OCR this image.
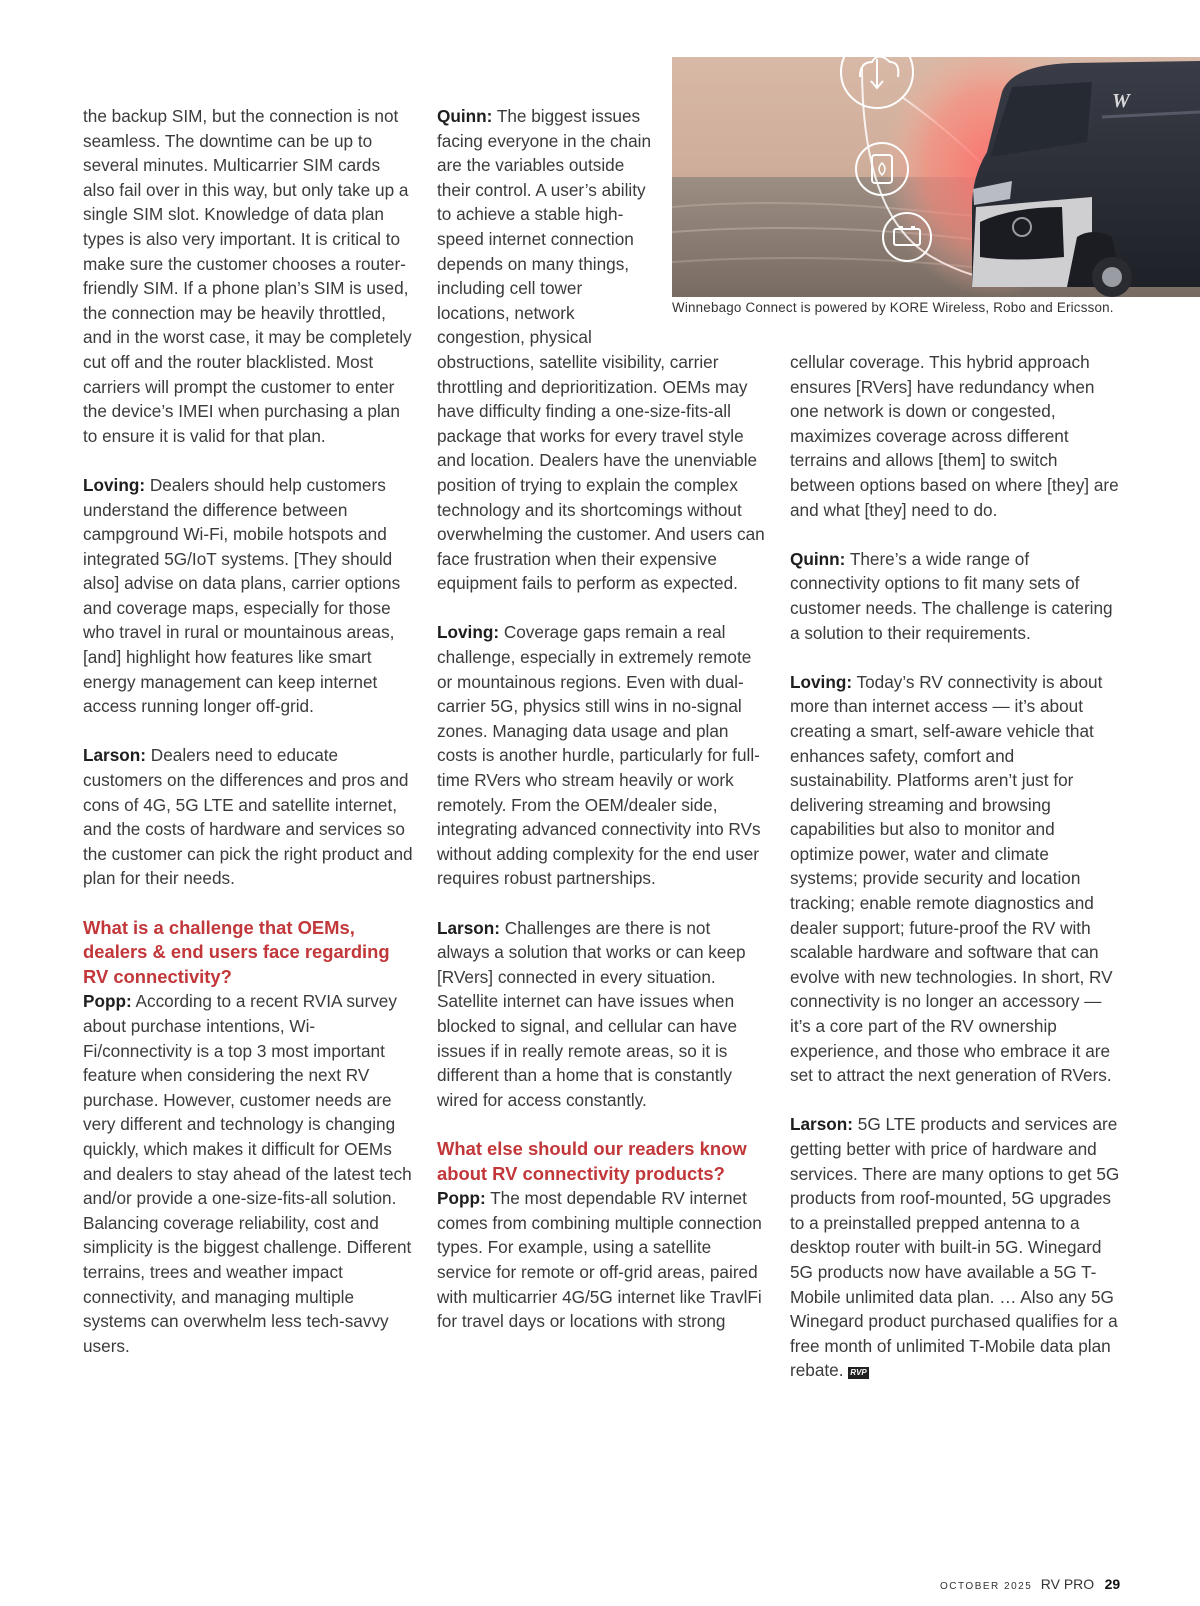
W
Winnebago Connect is powered by KORE Wireless, Robo and Ericsson.

the backup SIM, but the connection is not seamless. The downtime can be up to several minutes. Multicarrier SIM cards also fail over in this way, but only take up a single SIM slot. Knowledge of data plan types is also very important. It is critical to make sure the customer chooses a router-friendly SIM. If a phone plan’s SIM is used, the connection may be heavily throttled, and in the worst case, it may be completely cut off and the router blacklisted. Most carriers will prompt the customer to enter the device’s IMEI when purchasing a plan to ensure it is valid for that plan.

Loving: Dealers should help customers understand the difference between campground Wi-Fi, mobile hotspots and integrated 5G/IoT systems. [They should also] advise on data plans, carrier options and coverage maps, especially for those who travel in rural or mountainous areas, [and] highlight how features like smart energy management can keep internet access running longer off-grid.

Larson: Dealers need to educate customers on the differences and pros and cons of 4G, 5G LTE and satellite internet, and the costs of hardware and services so the customer can pick the right product and plan for their needs.

What is a challenge that OEMs, dealers & end users face regarding RV connectivity?

Popp: According to a recent RVIA survey about purchase intentions, Wi-Fi/connectivity is a top 3 most important feature when considering the next RV purchase. However, customer needs are very different and technology is changing quickly, which makes it difficult for OEMs and dealers to stay ahead of the latest tech and/or provide a one-size-fits-all solution. Balancing coverage reliability, cost and simplicity is the biggest challenge. Different terrains, trees and weather impact connectivity, and managing multiple systems can overwhelm less tech-savvy users.

Quinn: The biggest issues facing everyone in the chain are the variables outside their control. A user’s ability to achieve a stable high-speed internet connection depends on many things, including cell tower locations, network congestion, physical
obstructions, satellite visibility, carrier throttling and deprioritization. OEMs may have difficulty finding a one-size-fits-all package that works for every travel style and location. Dealers have the unenviable position of trying to explain the complex technology and its shortcomings without overwhelming the customer. And users can face frustration when their expensive equipment fails to perform as expected.

Loving: Coverage gaps remain a real challenge, especially in extremely remote or mountainous regions. Even with dual-carrier 5G, physics still wins in no-signal zones. Managing data usage and plan costs is another hurdle, particularly for full-time RVers who stream heavily or work remotely. From the OEM/dealer side, integrating advanced connectivity into RVs without adding complexity for the end user requires robust partnerships.

Larson: Challenges are there is not always a solution that works or can keep [RVers] connected in every situation. Satellite internet can have issues when blocked to signal, and cellular can have issues if in really remote areas, so it is different than a home that is constantly wired for access constantly.

What else should our readers know about RV connectivity products?

Popp: The most dependable RV internet comes from combining multiple connection types. For example, using a satellite service for remote or off-grid areas, paired with multicarrier 4G/5G internet like TravlFi for travel days or locations with strong

cellular coverage. This hybrid approach ensures [RVers] have redundancy when one network is down or congested, maximizes coverage across different terrains and allows [them] to switch between options based on where [they] are and what [they] need to do.

Quinn: There’s a wide range of connectivity options to fit many sets of customer needs. The challenge is catering a solution to their requirements.

Loving: Today’s RV connectivity is about more than internet access — it’s about creating a smart, self-aware vehicle that enhances safety, comfort and sustainability. Platforms aren’t just for delivering streaming and browsing capabilities but also to monitor and optimize power, water and climate systems; provide security and location tracking; enable remote diagnostics and dealer support; future-proof the RV with scalable hardware and software that can evolve with new technologies. In short, RV connectivity is no longer an accessory — it’s a core part of the RV ownership experience, and those who embrace it are set to attract the next generation of RVers.

Larson: 5G LTE products and services are getting better with price of hardware and services. There are many options to get 5G products from roof-mounted, 5G upgrades to a preinstalled prepped antenna to a desktop router with built-in 5G. Winegard 5G products now have available a 5G T-Mobile unlimited data plan. … Also any 5G Winegard product purchased qualifies for a free month of unlimited T-Mobile data plan rebate. RVP

OCTOBER 2025 RV PRO 29
